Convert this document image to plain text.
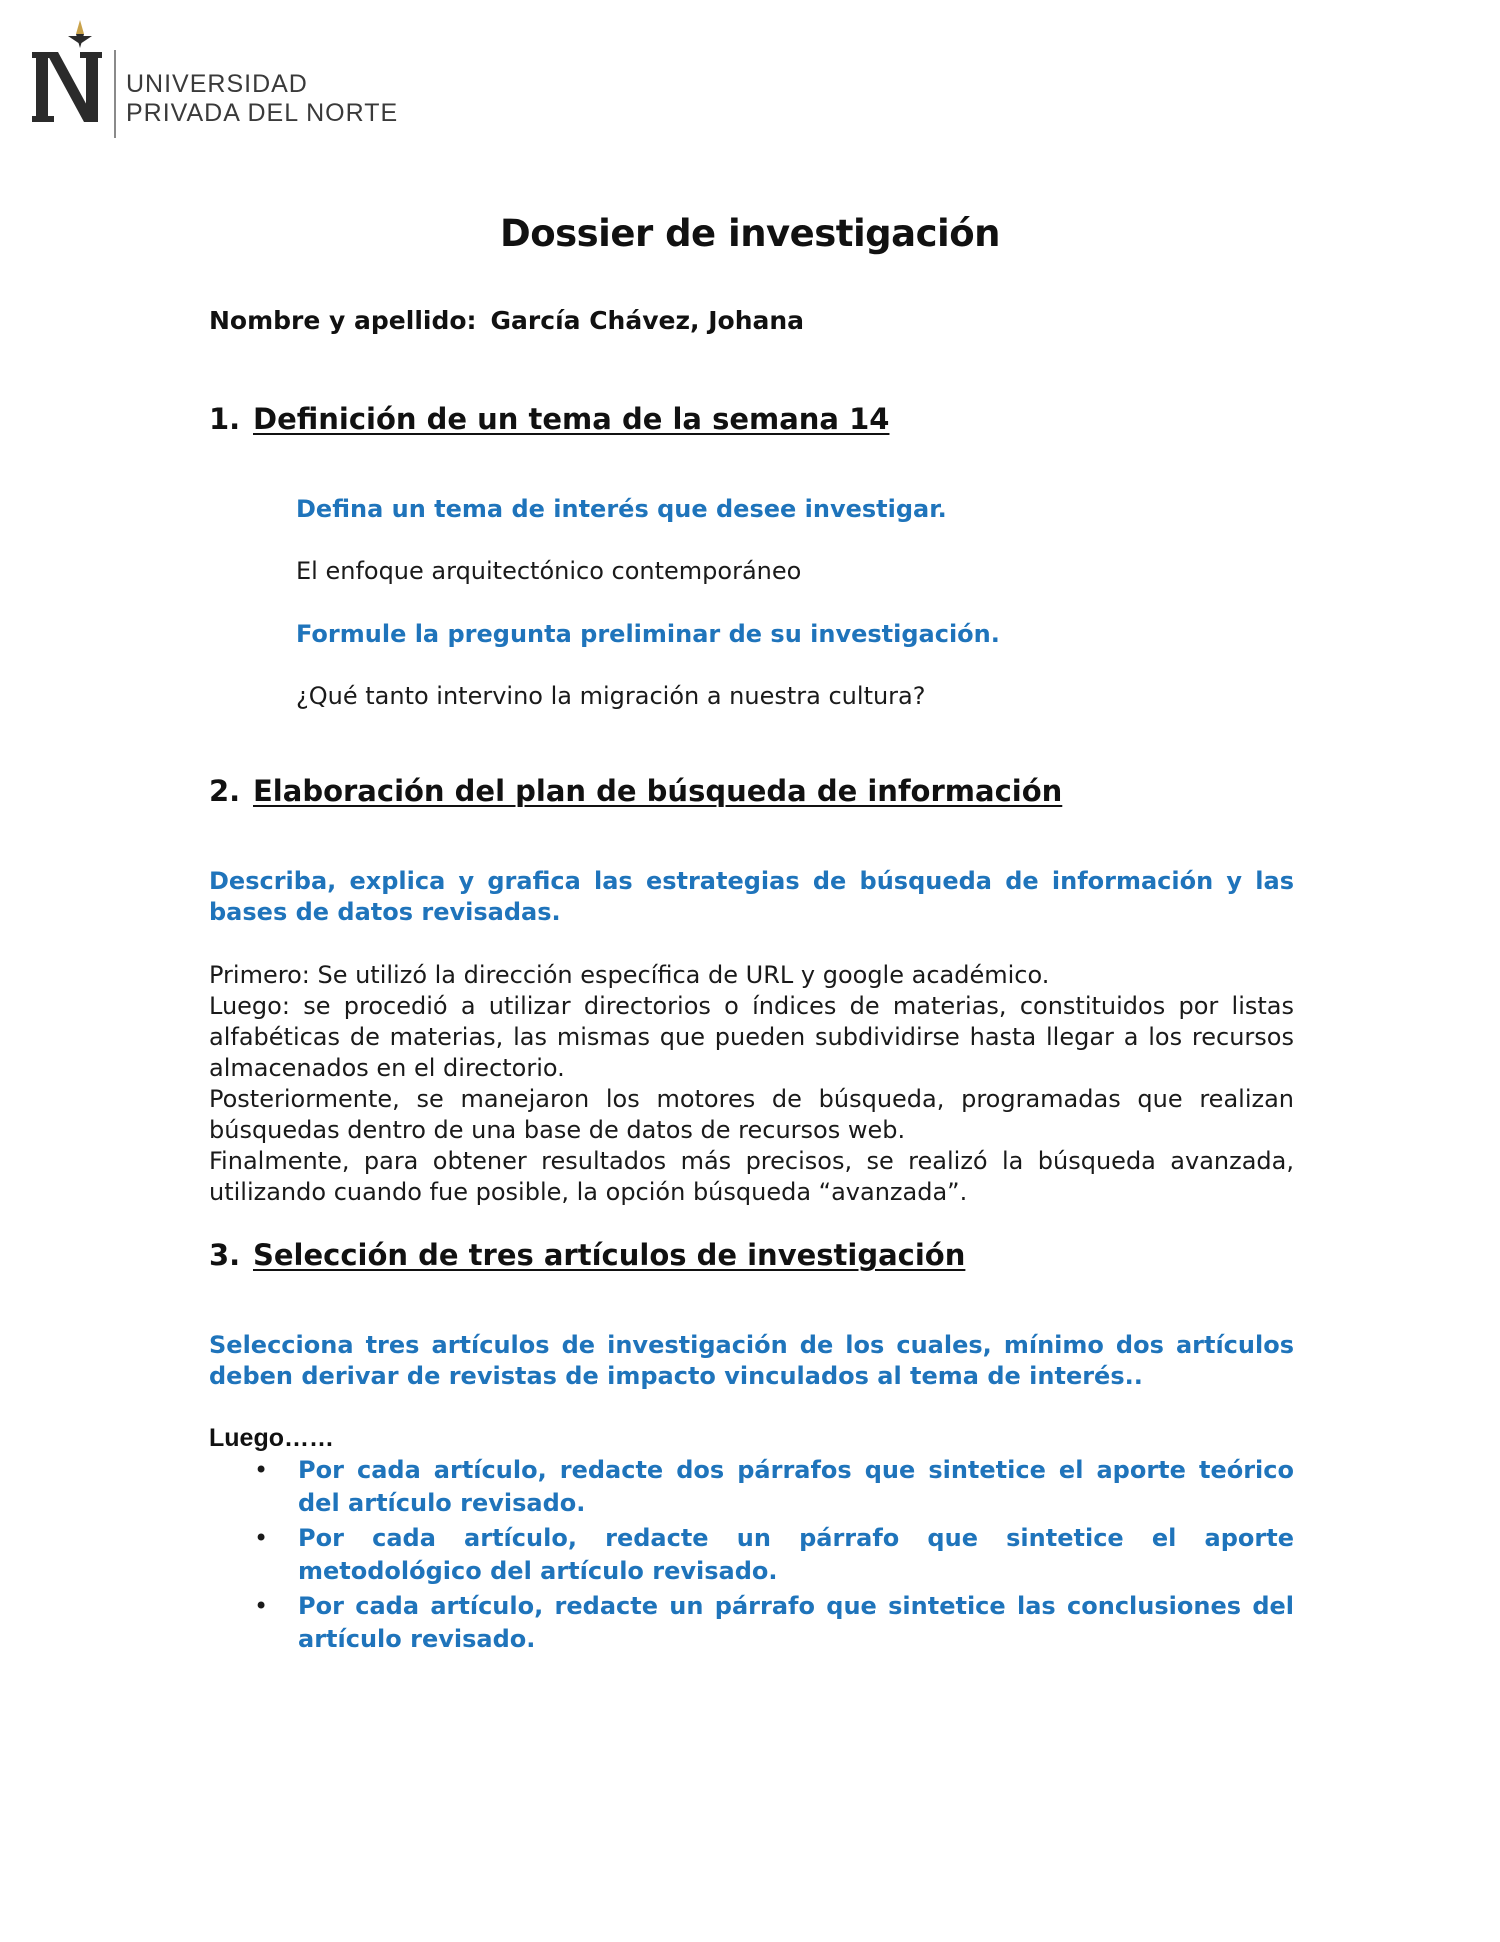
UNIVERSIDAD
PRIVADA DEL NORTE
Dossier de investigación
Nombre y apellido: García Chávez, Johana
1. Definición de un tema de la semana 14
Defina un tema de interés que desee investigar.
El enfoque arquitectónico contemporáneo
Formule la pregunta preliminar de su investigación.
¿Qué tanto intervino la migración a nuestra cultura?
2. Elaboración del plan de búsqueda de información
Describa, explica y grafica las estrategias de búsqueda de información y las bases de datos revisadas.

Primero: Se utilizó la dirección específica de URL y google académico.

Luego: se procedió a utilizar directorios o índices de materias, constituidos por listas alfabéticas de materias, las mismas que pueden subdividirse hasta llegar a los recursos almacenados en el directorio.

Posteriormente, se manejaron los motores de búsqueda, programadas que realizan búsquedas dentro de una base de datos de recursos web.

Finalmente, para obtener resultados más precisos, se realizó la búsqueda avanzada, utilizando cuando fue posible, la opción búsqueda “avanzada”.

3. Selección de tres artículos de investigación
Selecciona tres artículos de investigación de los cuales, mínimo dos artículos deben derivar de revistas de impacto vinculados al tema de interés..
Luego……
• Por cada artículo, redacte dos párrafos que sintetice el aporte teórico del artículo revisado.
• Por cada artículo, redacte un párrafo que sintetice el aporte metodológico del artículo revisado.
• Por cada artículo, redacte un párrafo que sintetice las conclusiones del artículo revisado.
